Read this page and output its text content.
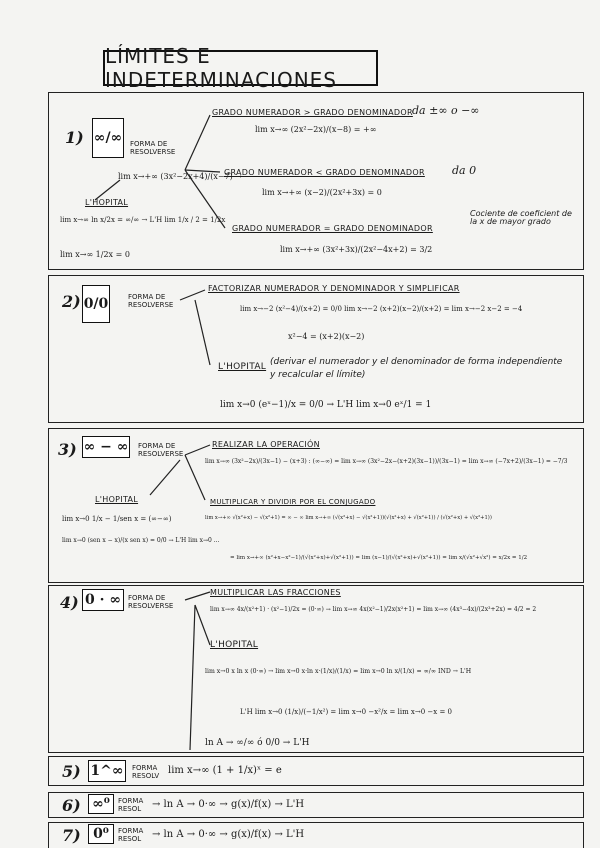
LÍMITES E INDETERMINACIONES
1) ∞/∞ FORMA DE RESOLVERSE
lim x→+∞ (3x²−2x+4)/(x−7) →
GRADO NUMERADOR > GRADO DENOMINADOR da ±∞ o −∞
lim x→∞ (2x²−2x)/(x−8) = +∞
GRADO NUMERADOR < GRADO DENOMINADOR da 0
lim x→+∞ (x−2)/(2x²+3x) = 0
GRADO NUMERADOR = GRADO DENOMINADOR
Cociente de coeficient de la x de mayor grado
lim x→+∞ (3x²+3x)/(2x²−4x+2) = 3/2
L'HOPITAL
lim x→∞ ln x/2x = ∞/∞ → L'H lim 1/x / 2 = 1/2x
lim x→∞ 1/2x = 0
2) 0/0	FORMA DE RESOLVERSE
FACTORIZAR NUMERADOR Y DENOMINADOR Y SIMPLIFICAR
lim x→−2 (x²−4)/(x+2) = 0/0 lim x→−2 (x+2)(x−2)/(x+2) = lim x→−2 x−2 = −4
x²−4 = (x+2)(x−2)
L'HOPITAL (derivar el numerador y el denominador de forma independiente y recalcular el límite)
lim x→0 (eˣ−1)/x = 0/0 → L'H lim x→0 eˣ/1 = 1
3) ∞ − ∞ FORMA DE RESOLVERSE
REALIZAR LA OPERACIÓN
lim x→∞ (3x²−2x)/(3x−1) − (x+3) : (∞−∞) = lim x→∞ (3x²−2x−(x+2)(3x−1))/(3x−1) = lim x→∞ (−7x+2)/(3x−1) = −7/3
L'HOPITAL
lim x→0 1/x − 1/sen x = (∞−∞)
lim x→0 (sen x − x)/(x sen x) = 0/0 → L'H lim x→0 ...
MULTIPLICAR Y DIVIDIR POR EL CONJUGADO
lim x→+∞ √(x²+x) − √(x²+1) = ∞ − ∞ lim x→+∞ (√(x²+x) − √(x²+1))(√(x²+x) + √(x²+1)) / (√(x²+x) + √(x²+1))
= lim x→+∞ (x²+x−x²−1)/(√(x²+x)+√(x²+1)) = lim (x−1)/(√(x²+x)+√(x²+1)) = lim x/(√x²+√x²) = x/2x = 1/2
4) 0 · ∞ FORMA DE RESOLVERSE
MULTIPLICAR LAS FRACCIONES
lim x→∞ 4x/(x²+1) · (x²−1)/2x = (0·∞) → lim x→∞ 4x(x²−1)/2x(x²+1) = lim x→∞ (4x³−4x)/(2x³+2x) = 4/2 = 2
L'HOPITAL
lim x→0 x ln x (0·∞) → lim x→0 x·ln x·(1/x)/(1/x) = lim x→0 ln x/(1/x) = ∞/∞ IND → L'H
L'H lim x→0 (1/x)/(−1/x²) = lim x→0 −x²/x = lim x→0 −x = 0
ln A → ∞/∞ ó 0/0 → L'H
5) 1^∞	FORMA RESOLV lim x→∞ (1 + 1/x)ˣ = e
6) ∞⁰	FORMA RESOL	→ ln A → 0·∞ → g(x)/f(x) → L'H
7) 0⁰	FORMA RESOL	→ ln A → 0·∞ → g(x)/f(x) → L'H
